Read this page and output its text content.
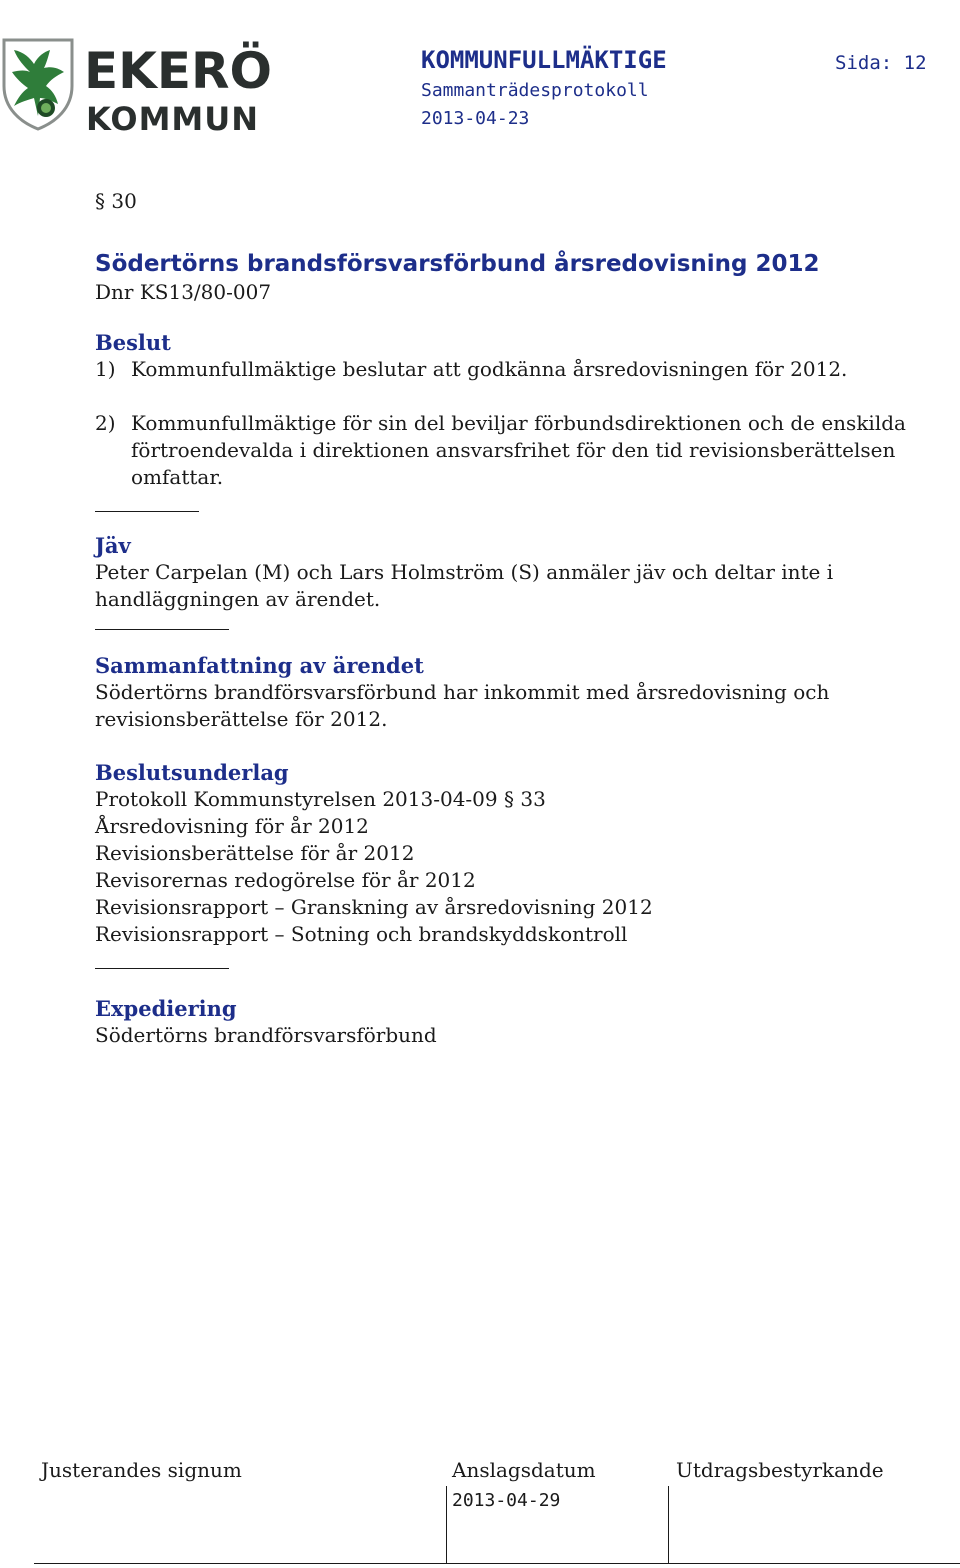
EKERÖ
KOMMUN
KOMMUNFULLMÄKTIGE
Sammanträdesprotokoll
2013-04-23
Sida: 12
§ 30
Södertörns brandsförsvarsförbund årsredovisning 2012
Dnr KS13/80-007
Beslut
1) Kommunfullmäktige beslutar att godkänna årsredovisningen för 2012.
2) Kommunfullmäktige för sin del beviljar förbundsdirektionen och de enskilda förtroendevalda i direktionen ansvarsfrihet för den tid revisionsberättelsen omfattar.
Jäv
Peter Carpelan (M) och Lars Holmström (S) anmäler jäv och deltar inte i handläggningen av ärendet.
Sammanfattning av ärendet
Södertörns brandförsvarsförbund har inkommit med årsredovisning och revisionsberättelse för 2012.
Beslutsunderlag
Protokoll Kommunstyrelsen 2013-04-09 § 33
Årsredovisning för år 2012
Revisionsberättelse för år 2012
Revisorernas redogörelse för år 2012
Revisionsrapport – Granskning av årsredovisning 2012
Revisionsrapport – Sotning och brandskyddskontroll
Expediering
Södertörns brandförsvarsförbund
Justerandes signum	Anslagsdatum
2013-04-29
Utdragsbestyrkande
